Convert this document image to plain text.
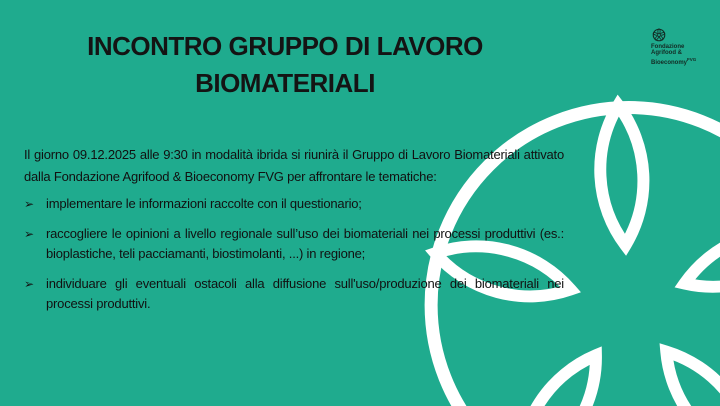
INCONTRO GRUPPO DI LAVORO
BIOMATERIALI
Fondazione
Agrifood &
Bioeconomy$^{FVG}$

Il giorno 09.12.2025 alle 9:30 in modalità ibrida si riunirà il Gruppo di Lavoro Biomateriali attivato dalla Fondazione Agrifood & Bioeconomy FVG per affrontare le tematiche:

➢ implementare le informazioni raccolte con il questionario;
➢ raccogliere le opinioni a livello regionale sull’uso dei biomateriali nei processi produttivi (es.: bioplastiche, teli pacciamanti, biostimolanti, ...) in regione;
➢ individuare gli eventuali ostacoli alla diffusione sull'uso/produzione dei biomateriali nei processi produttivi.
